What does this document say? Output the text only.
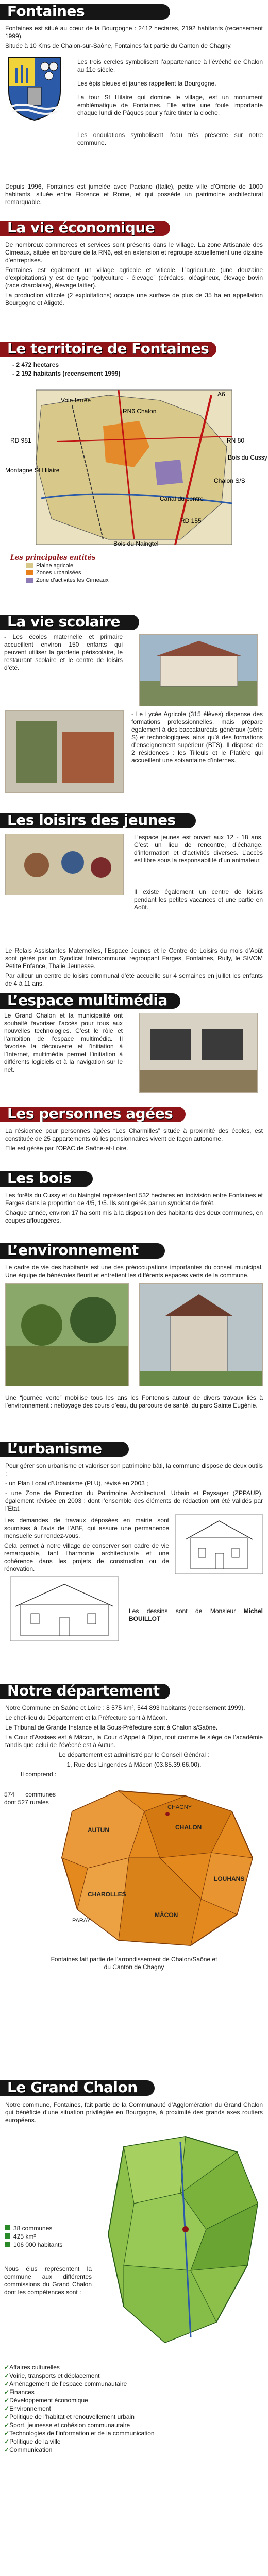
Fontaines

Fontaines est situé au cœur de la Bourgogne : 2412 hectares, 2192 habitants (recensement 1999).

Située à 10 Kms de Chalon-sur-Saône, Fontaines fait partie du Canton de Chagny.

Les trois cercles symbolisent l’appartenance à l’évêché de Chalon au 11e siècle.

Les épis bleues et jaunes rappellent la Bourgogne.

La tour St Hilaire qui domine le village, est un monument emblématique de Fontaines. Elle attire une foule importante chaque lundi de Pâques pour y faire tinter la cloche.

Les ondulations symbolisent l’eau très présente sur notre commune.

Depuis 1996, Fontaines est jumelée avec Paciano (Italie), petite ville d’Ombrie de 1000 habitants, située entre Florence et Rome, et qui possède un patrimoine architectural remarquable.

La vie économique

De nombreux commerces et services sont présents dans le village. La zone Artisanale des Cirneaux, située en bordure de la RN6, est en extension et regroupe actuellement une dizaine d’entreprises.

Fontaines est également un village agricole et viticole. L’agriculture (une douzaine d’exploitations) y est de type “polyculture - élevage” (céréales, oléagineux, élevage bovin (race charolaise), élevage laitier).

La production viticole (2 exploitations) occupe une surface de plus de 35 ha en appellation Bourgogne et Aligoté.

Le territoire de Fontaines

- 2 472 hectares

- 2 192 habitants (recensement 1999)

Voie ferrée
RN6 Chalon
A6
RD 981
Montagne St Hilaire
Bois du Cussy
Canal du centre
RN 80
Chalon S/S
RD 155
Bois du Naingtel
Les principales entités
Plaine agricole
Zones urbanisées
Zone d’activités les Cirneaux
La vie scolaire

- Les écoles maternelle et primaire accueillent environ 150 enfants qui peuvent utiliser la garderie périscolaire, le restaurant scolaire et le centre de loisirs d’été.

- Le Lycée Agricole (315 élèves) dispense des formations professionnelles, mais prépare également à des baccalauréats généraux (série S) et technologiques, ainsi qu’à des formations d’enseignement supérieur (BTS). Il dispose de 2 résidences : les Tilleuls et le Platière qui accueillent une soixantaine d’internes.

Les loisirs des jeunes

L’espace jeunes est ouvert aux 12 - 18 ans. C’est un lieu de rencontre, d’échange, d’information et d’activités diverses. L’accès est libre sous la responsabilité d’un animateur.

Il existe également un centre de loisirs pendant les petites vacances et une partie en Août.

Le Relais Assistantes Maternelles, l’Espace Jeunes et le Centre de Loisirs du mois d’Août sont gérés par un Syndicat Intercommunal regroupant Farges, Fontaines, Rully, le SIVOM Petite Enfance, Thalie Jeunesse.

Par ailleur un centre de loisirs communal d’été accueille sur 4 semaines en juillet les enfants de 4 à 11 ans.

L’espace multimédia

Le Grand Chalon et la municipalité ont souhaité favoriser l’accès pour tous aux nouvelles technologies. C’est le rôle et l’ambition de l’espace multimédia. Il favorise la découverte et l’initiation à l’Internet, multimédia permet l’initiation à différents logiciels et à la navigation sur le net.

Les personnes agées

La résidence pour personnes âgées “Les Charmilles” située à proximité des écoles, est constituée de 25 appartements où les pensionnaires vivent de façon autonome.

Elle est gérée par l’OPAC de Saône-et-Loire.

Les bois

Les forêts du Cussy et du Naingtel représentent 532 hectares en indivision entre Fontaines et Farges dans la proportion de 4/5, 1/5. Ils sont gérés par un syndicat de forêt.

Chaque année, environ 17 ha sont mis à la disposition des habitants des deux communes, en coupes affouagères.

L’environnement

Le cadre de vie des habitants est une des préoccupations importantes du conseil municipal. Une équipe de bénévoles fleurit et entretient les différents espaces verts de la commune.

Une “journée verte” mobilise tous les ans les Fontenois autour de divers travaux liés à l’environnement : nettoyage des cours d’eau, du parcours de santé, du parc Sainte Eugénie.

L’urbanisme

Pour gérer son urbanisme et valoriser son patrimoine bâti, la commune dispose de deux outils :

- un Plan Local d’Urbanisme (PLU), révisé en 2003 ;

- une Zone de Protection du Patrimoine Architectural, Urbain et Paysager (ZPPAUP), également révisée en 2003 : dont l’ensemble des éléments de rédaction ont été validés par l’État.

Les demandes de travaux déposées en mairie sont soumises à l’avis de l’ABF, qui assure une permanence mensuelle sur rendez-vous.

Cela permet à notre village de conserver son cadre de vie remarquable, tant l’harmonie architecturale et une cohérence dans les projets de construction ou de rénovation.

Les dessins sont de Monsieur Michel BOUILLOT

Notre département

Notre Commune en Saône et Loire : 8 575 km², 544 893 habitants (recensement 1999).

Le chef-lieu du Département et la Préfecture sont à Mâcon.

Le Tribunal de Grande Instance et la Sous-Préfecture sont à Chalon s/Saône.

La Cour d’Assises est à Mâcon, la Cour d’Appel à Dijon, tout comme le siège de l’académie tandis que celui de l’évêché est à Autun.

Le département est administré par le Conseil Général :

1, Rue des Lingendes à Mâcon (03.85.39.66.00).

Il comprend :

574 communes dont 527 rurales

AUTUN	CHALON
LOUHANS
MÂCON
CHAROLLES
PARAY
CHAGNY

Fontaines fait partie de l’arrondissement de Chalon/Saône et

du Canton de Chagny

Le Grand Chalon

Notre commune, Fontaines, fait partie de la Communauté d’Agglomération du Grand Chalon qui bénéficie d’une situation privilégiée en Bourgogne, à proximité des grands axes routiers européens.

38 communes
425 km²
106 000 habitants

Nous élus représentent la commune aux différentes commissions du Grand Chalon dont les compétences sont :

✓ Affaires culturelles
✓ Voirie, transports et déplacement
✓ Aménagement de l’espace communautaire
✓ Finances
✓ Développement économique
✓ Environnement
✓ Politique de l’habitat et renouvellement urbain
✓ Sport, jeunesse et cohésion communautaire
✓ Technologies de l’information et de la communication
✓ Politique de la ville
✓ Communication
